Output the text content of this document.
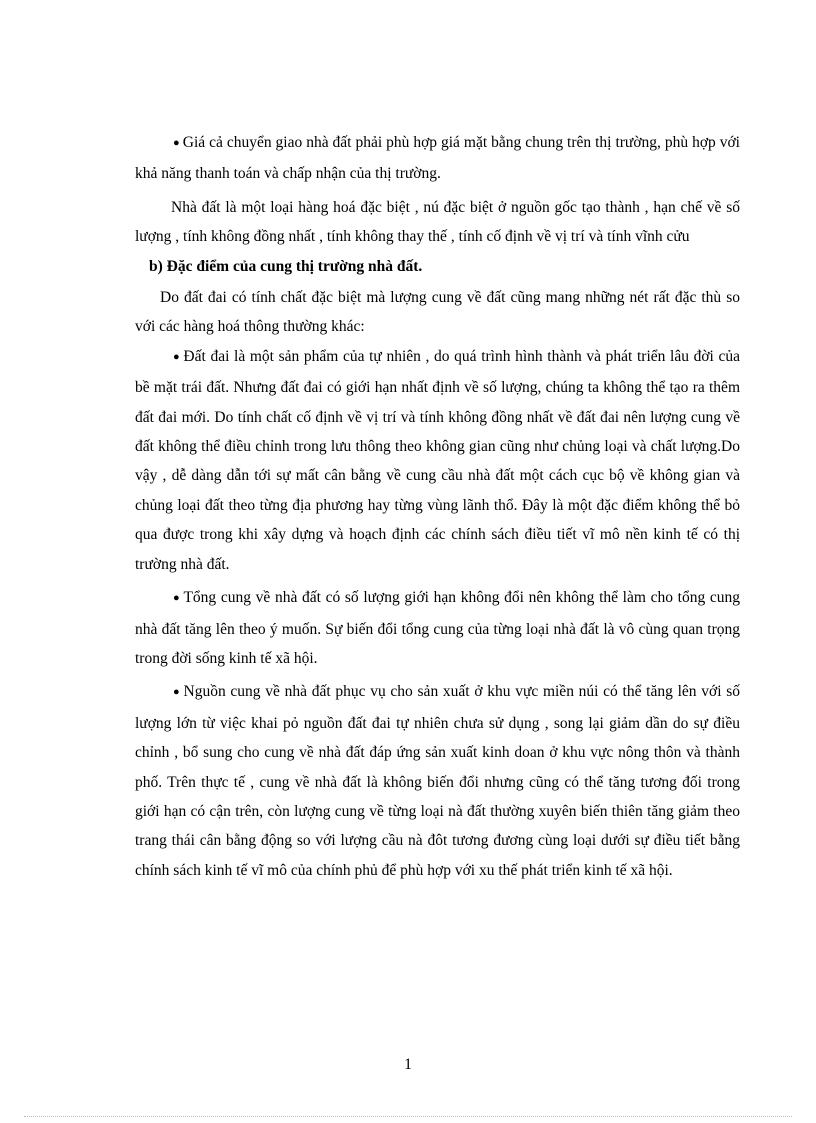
● Giá cả chuyển giao nhà đất phải phù hợp giá mặt bằng chung trên thị trường, phù hợp với khả năng thanh toán và chấp nhận của thị trường.

Nhà đất là một loại hàng hoá đặc biệt , nú đặc biệt ở nguồn gốc tạo thành , hạn chế về số lượng , tính không đồng nhất , tính không thay thế , tính cố định về vị trí và tính vĩnh cửu

b) Đặc điểm của cung thị trường nhà đất.

Do đất đai có tính chất đặc biệt mà lượng cung về đất cũng mang những nét rất đặc thù so với các hàng hoá thông thường khác:

● Đất đai là một sản phẩm của tự nhiên , do quá trình hình thành và phát triển lâu đời của bề mặt trái đất. Nhưng đất đai có giới hạn nhất định về số lượng, chúng ta không thể tạo ra thêm đất đai mới. Do tính chất cố định về vị trí và tính không đồng nhất về đất đai nên lượng cung về đất không thể điều chỉnh trong lưu thông theo không gian cũng như chủng loại và chất lượng.Do vậy , dễ dàng dẫn tới sự mất cân bằng về cung cầu nhà đất một cách cục bộ về không gian và chủng loại đất theo từng địa phương hay từng vùng lãnh thổ. Đây là một đặc điểm không thể bỏ qua được trong khi xây dựng và hoạch định các chính sách điều tiết vĩ mô nền kinh tế có thị trường nhà đất.

● Tổng cung về nhà đất có số lượng giới hạn không đổi nên không thể làm cho tổng cung nhà đất tăng lên theo ý muốn. Sự biến đổi tổng cung của từng loại nhà đất là vô cùng quan trọng trong đời sống kinh tế xã hội.

● Nguồn cung về nhà đất phục vụ cho sản xuất ở khu vực miền núi có thể tăng lên với số lượng lớn từ việc khai pỏ nguồn đất đai tự nhiên chưa sử dụng , song lại giảm dần do sự điều chỉnh , bổ sung cho cung về nhà đất đáp ứng sản xuất kinh doan ở khu vực nông thôn và thành phố. Trên thực tế , cung về nhà đất là không biến đổi nhưng cũng có thể tăng tương đối trong giới hạn có cận trên, còn lượng cung về từng loại nà đất thường xuyên biến thiên tăng giảm theo trang thái cân bằng động so với lượng cầu nà đôt tương đương cùng loại dưới sự điều tiết bằng chính sách kinh tế vĩ mô của chính phủ để phù hợp với xu thế phát triển kinh tế xã hội.

1
